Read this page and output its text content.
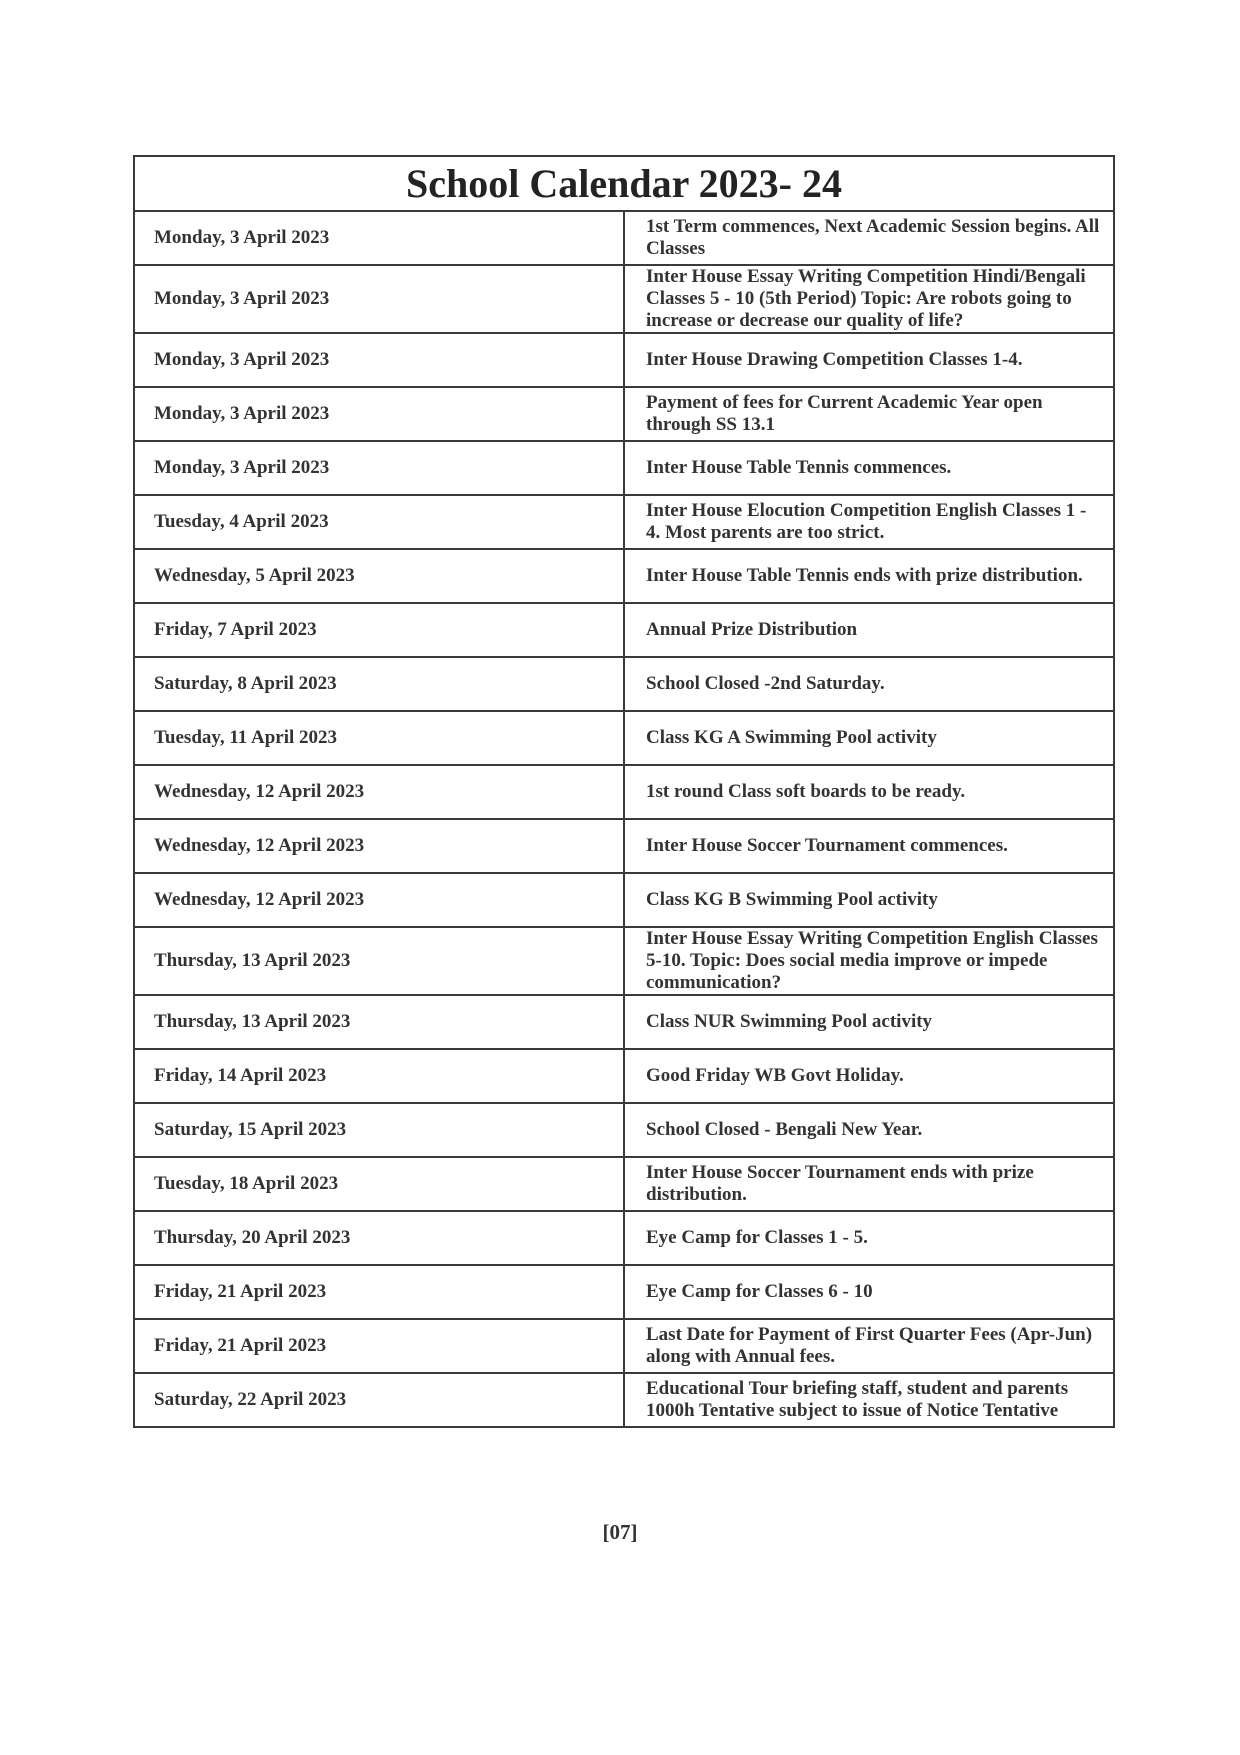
School Calendar 2023- 24	
Monday, 3 April 2023	1st Term commences, Next Academic Session begins. All Classes
Monday, 3 April 2023	Inter House Essay Writing Competition Hindi/Bengali Classes 5 - 10 (5th Period) Topic: Are robots going to increase or decrease our quality of life?
Monday, 3 April 2023	Inter House Drawing Competition Classes 1-4.
Monday, 3 April 2023	Payment of fees for Current Academic Year open through SS 13.1
Monday, 3 April 2023	Inter House Table Tennis commences.
Tuesday, 4 April 2023	Inter House Elocution Competition English Classes 1 - 4. Most parents are too strict.
Wednesday, 5 April 2023	Inter House Table Tennis ends with prize distribution.
Friday, 7 April 2023	Annual Prize Distribution
Saturday, 8 April 2023	School Closed -2nd Saturday.
Tuesday, 11 April 2023	Class KG A Swimming Pool activity
Wednesday, 12 April 2023	1st round Class soft boards to be ready.
Wednesday, 12 April 2023	Inter House Soccer Tournament commences.
Wednesday, 12 April 2023	Class KG B Swimming Pool activity
Thursday, 13 April 2023	Inter House Essay Writing Competition English Classes 5-10. Topic: Does social media improve or impede communication?
Thursday, 13 April 2023	Class NUR Swimming Pool activity
Friday, 14 April 2023	Good Friday WB Govt Holiday.
Saturday, 15 April 2023	School Closed - Bengali New Year.
Tuesday, 18 April 2023	Inter House Soccer Tournament ends with prize distribution.
Thursday, 20 April 2023	Eye Camp for Classes 1 - 5.
Friday, 21 April 2023	Eye Camp for Classes 6 - 10
Friday, 21 April 2023	Last Date for Payment of First Quarter Fees (Apr-Jun) along with Annual fees.
Saturday, 22 April 2023	Educational Tour briefing staff, student and parents 1000h Tentative subject to issue of Notice Tentative
[07]
